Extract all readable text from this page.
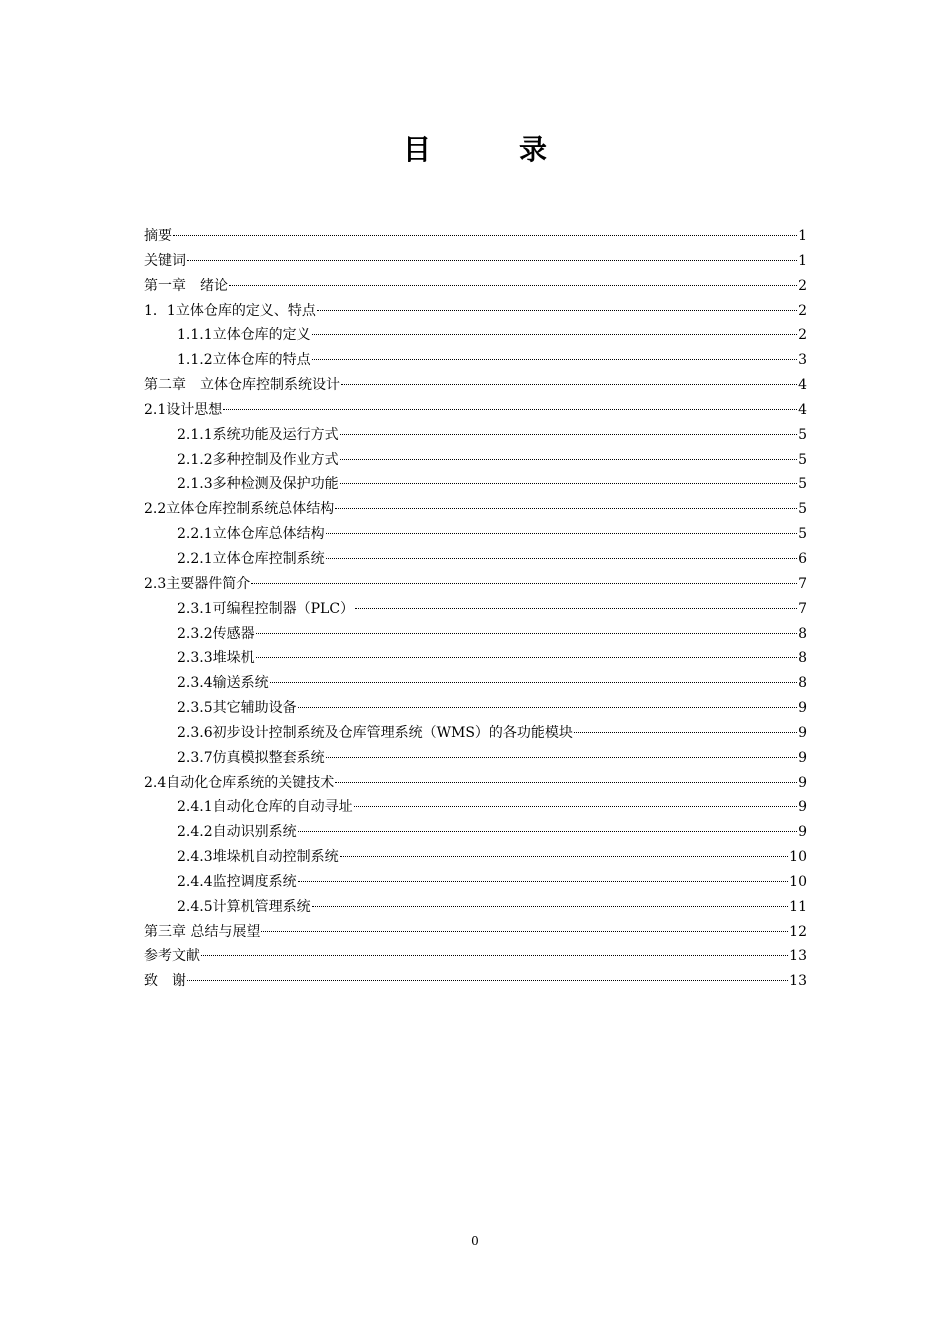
目　录
摘要	1
关键词	1
第一章　绪论	2
1．1立体仓库的定义、特点	2
1.1.1立体仓库的定义	2
1.1.2立体仓库的特点	3
第二章　立体仓库控制系统设计	4
2.1设计思想	4
2.1.1系统功能及运行方式	5
2.1.2多种控制及作业方式	5
2.1.3多种检测及保护功能	5
2.2立体仓库控制系统总体结构	5
2.2.1立体仓库总体结构	5
2.2.1立体仓库控制系统	6
2.3主要器件简介	7
2.3.1可编程控制器（PLC）	7
2.3.2传感器	8
2.3.3堆垛机	8
2.3.4输送系统	8
2.3.5其它辅助设备	9
2.3.6初步设计控制系统及仓库管理系统（WMS）的各功能模块	9
2.3.7仿真模拟整套系统	9
2.4自动化仓库系统的关键技术	9
2.4.1自动化仓库的自动寻址	9
2.4.2自动识别系统	9
2.4.3堆垛机自动控制系统	10
2.4.4监控调度系统	10
2.4.5计算机管理系统	11
第三章 总结与展望	12
参考文献	13
致　谢	13
0
